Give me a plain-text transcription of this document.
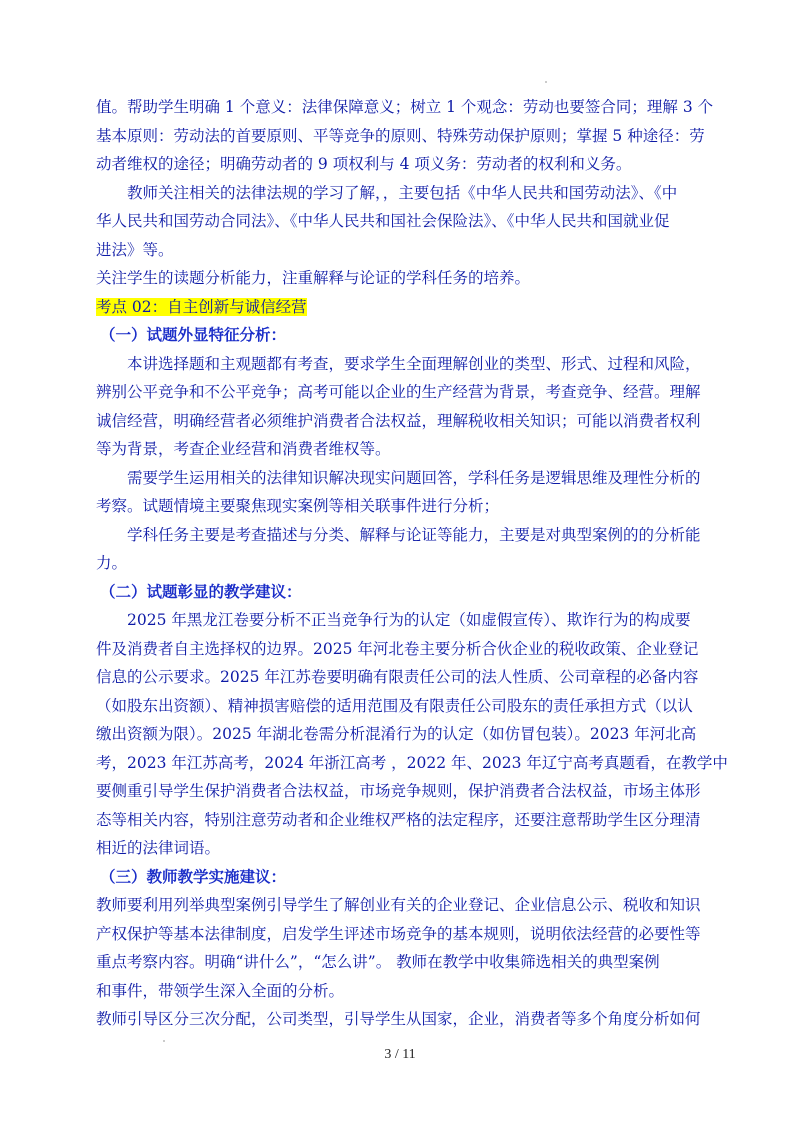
值。帮助学生明确 1 个意义：法律保障意义；树立 1 个观念：劳动也要签合同；理解 3 个
基本原则：劳动法的首要原则、平等竞争的原则、特殊劳动保护原则；掌握 5 种途径：劳
动者维权的途径；明确劳动者的 9 项权利与 4 项义务：劳动者的权利和义务。
教师关注相关的法律法规的学习了解，，主要包括《中华人民共和国劳动法》、《中
华人民共和国劳动合同法》、《中华人民共和国社会保险法》、《中华人民共和国就业促
进法》等。
关注学生的读题分析能力，注重解释与论证的学科任务的培养。
考点 02：自主创新与诚信经营
（一）试题外显特征分析：
本讲选择题和主观题都有考查，要求学生全面理解创业的类型、形式、过程和风险，
辨别公平竞争和不公平竞争；高考可能以企业的生产经营为背景，考查竞争、经营。理解
诚信经营，明确经营者必须维护消费者合法权益，理解税收相关知识；可能以消费者权利
等为背景，考查企业经营和消费者维权等。
需要学生运用相关的法律知识解决现实问题回答，学科任务是逻辑思维及理性分析的
考察。试题情境主要聚焦现实案例等相关联事件进行分析；
学科任务主要是考查描述与分类、解释与论证等能力，主要是对典型案例的的分析能
力。
（二）试题彰显的教学建议：
2025 年黑龙江卷要分析不正当竞争行为的认定（如虚假宣传）、欺诈行为的构成要
件及消费者自主选择权的边界。2025 年河北卷主要分析合伙企业的税收政策、企业登记
信息的公示要求。2025 年江苏卷要明确有限责任公司的法人性质、公司章程的必备内容
（如股东出资额）、精神损害赔偿的适用范围及有限责任公司股东的责任承担方式（以认
缴出资额为限）。2025 年湖北卷需分析混淆行为的认定（如仿冒包装）。2023 年河北高
考，2023 年江苏高考，2024 年浙江高考 ，2022 年、2023 年辽宁高考真题看，在教学中
要侧重引导学生保护消费者合法权益，市场竞争规则，保护消费者合法权益，市场主体形
态等相关内容，特别注意劳动者和企业维权严格的法定程序，还要注意帮助学生区分理清
相近的法律词语。
（三）教师教学实施建议：
教师要利用列举典型案例引导学生了解创业有关的企业登记、企业信息公示、税收和知识
产权保护等基本法律制度，启发学生评述市场竞争的基本规则，说明依法经营的必要性等
重点考察内容。明确“讲什么”，“怎么讲”。 教师在教学中收集筛选相关的典型案例
和事件，带领学生深入全面的分析。
教师引导区分三次分配，公司类型，引导学生从国家，企业，消费者等多个角度分析如何
3 / 11
